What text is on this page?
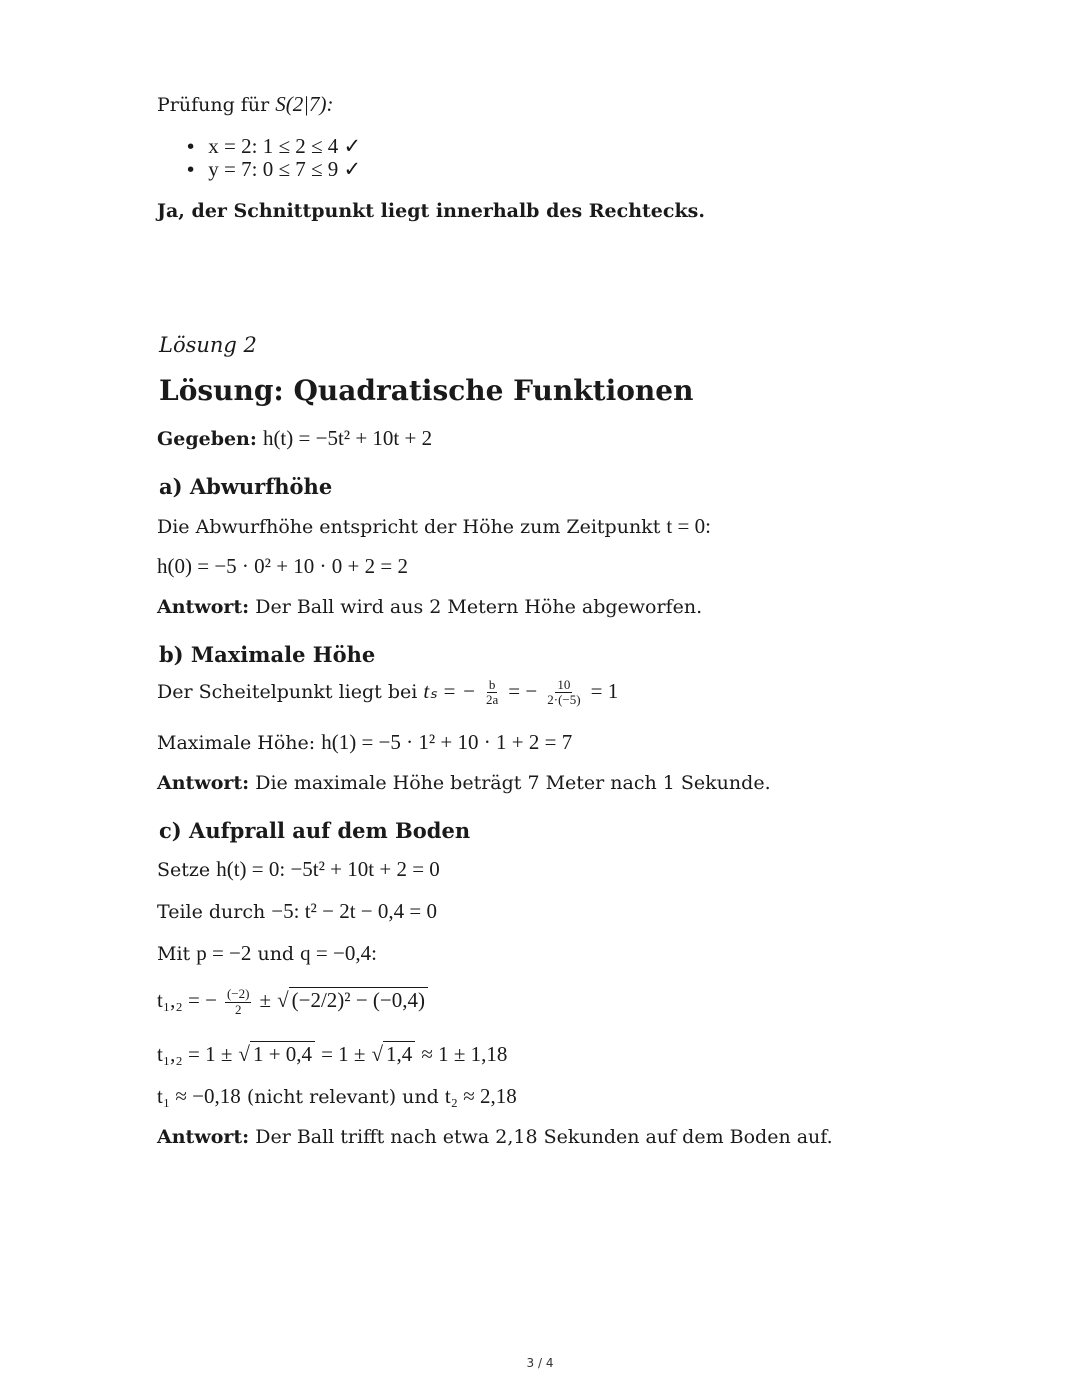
Prüfung für S(2|7):
•  x = 2: 1 ≤ 2 ≤ 4 ✓
•  y = 7: 0 ≤ 7 ≤ 9 ✓
Ja, der Schnittpunkt liegt innerhalb des Rechtecks.
Lösung 2
Lösung: Quadratische Funktionen
Gegeben: h(t) = −5t² + 10t + 2
a) Abwurfhöhe
Die Abwurfhöhe entspricht der Höhe zum Zeitpunkt t = 0:
h(0) = −5 · 0² + 10 · 0 + 2 = 2
Antwort: Der Ball wird aus 2 Metern Höhe abgeworfen.
b) Maximale Höhe
Der Scheitelpunkt liegt bei tₛ = − $\frac{b}{2a}$ = − $\frac{10}{2\cdot(-5)} = 1$
Maximale Höhe: h(1) = −5 · 1² + 10 · 1 + 2 = 7
Antwort: Die maximale Höhe beträgt 7 Meter nach 1 Sekunde.
c) Aufprall auf dem Boden
Setze h(t) = 0: −5t² + 10t + 2 = 0
Teile durch −5: t² − 2t − 0,4 = 0
Mit p = −2 und q = −0,4:
t₁,₂ = − $\frac{(-2)}{2}$ ± √ (−2/2)² − (−0,4)
t₁,₂ = 1 ± √ 1 + 0,4 = 1 ± √ 1,4 ≈ 1 ± 1,18
t₁ ≈ −0,18 (nicht relevant) und t₂ ≈ 2,18
Antwort: Der Ball trifft nach etwa 2,18 Sekunden auf dem Boden auf.
3 / 4
